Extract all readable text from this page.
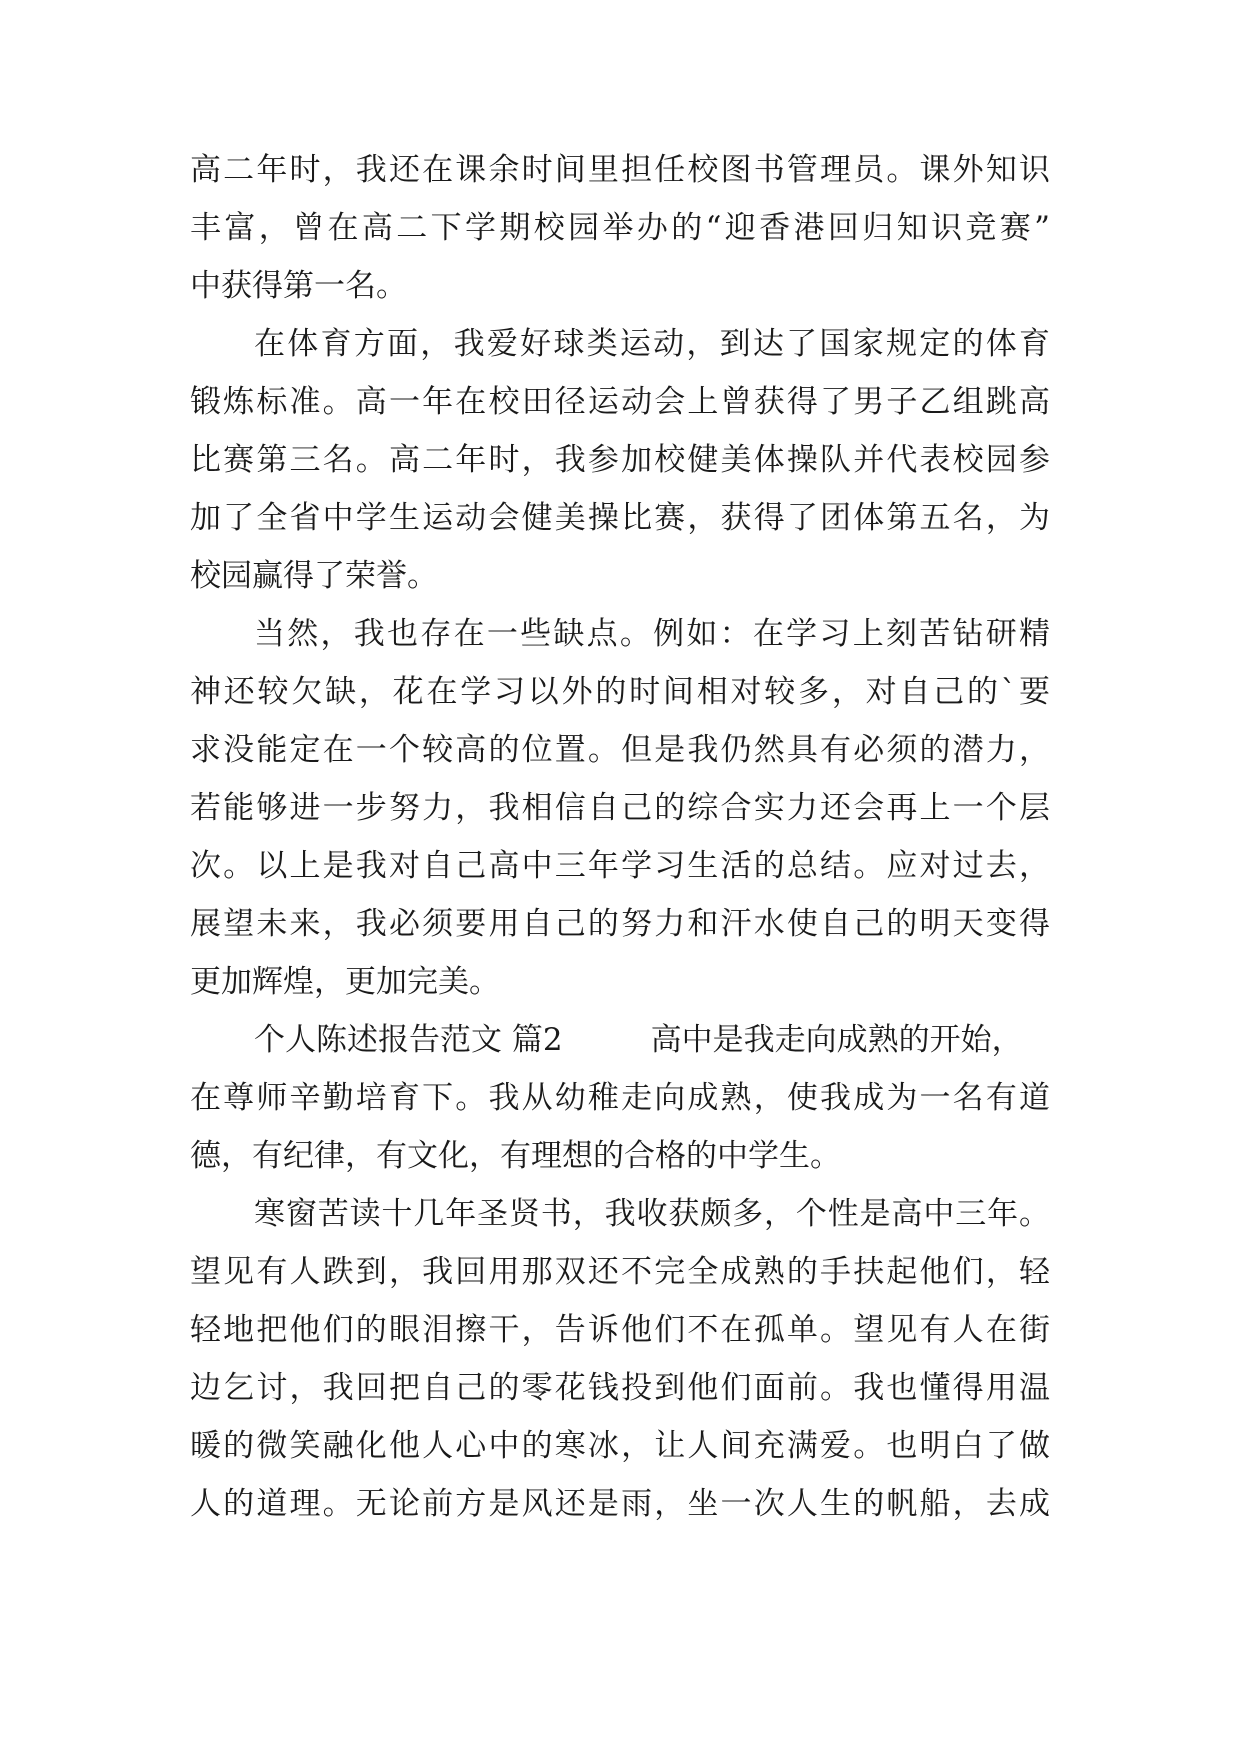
高二年时，我还在课余时间里担任校图书管理员。课外知识
丰富，曾在高二下学期校园举办的“迎香港回归知识竞赛”
中获得第一名。
在体育方面，我爱好球类运动，到达了国家规定的体育
锻炼标准。高一年在校田径运动会上曾获得了男子乙组跳高
比赛第三名。高二年时，我参加校健美体操队并代表校园参
加了全省中学生运动会健美操比赛，获得了团体第五名，为
校园赢得了荣誉。
当然，我也存在一些缺点。例如：在学习上刻苦钻研精
神还较欠缺，花在学习以外的时间相对较多，对自己的`要
求没能定在一个较高的位置。但是我仍然具有必须的潜力，
若能够进一步努力，我相信自己的综合实力还会再上一个层
次。以上是我对自己高中三年学习生活的总结。应对过去，
展望未来，我必须要用自己的努力和汗水使自己的明天变得
更加辉煌，更加完美。
个人陈述报告范文 篇2	高中是我走向成熟的开始，
在尊师辛勤培育下。我从幼稚走向成熟，使我成为一名有道
德，有纪律，有文化，有理想的合格的中学生。
寒窗苦读十几年圣贤书，我收获颇多，个性是高中三年。
望见有人跌到，我回用那双还不完全成熟的手扶起他们，轻
轻地把他们的眼泪擦干，告诉他们不在孤单。望见有人在街
边乞讨，我回把自己的零花钱投到他们面前。我也懂得用温
暖的微笑融化他人心中的寒冰，让人间充满爱。也明白了做
人的道理。无论前方是风还是雨，坐一次人生的帆船，去成
